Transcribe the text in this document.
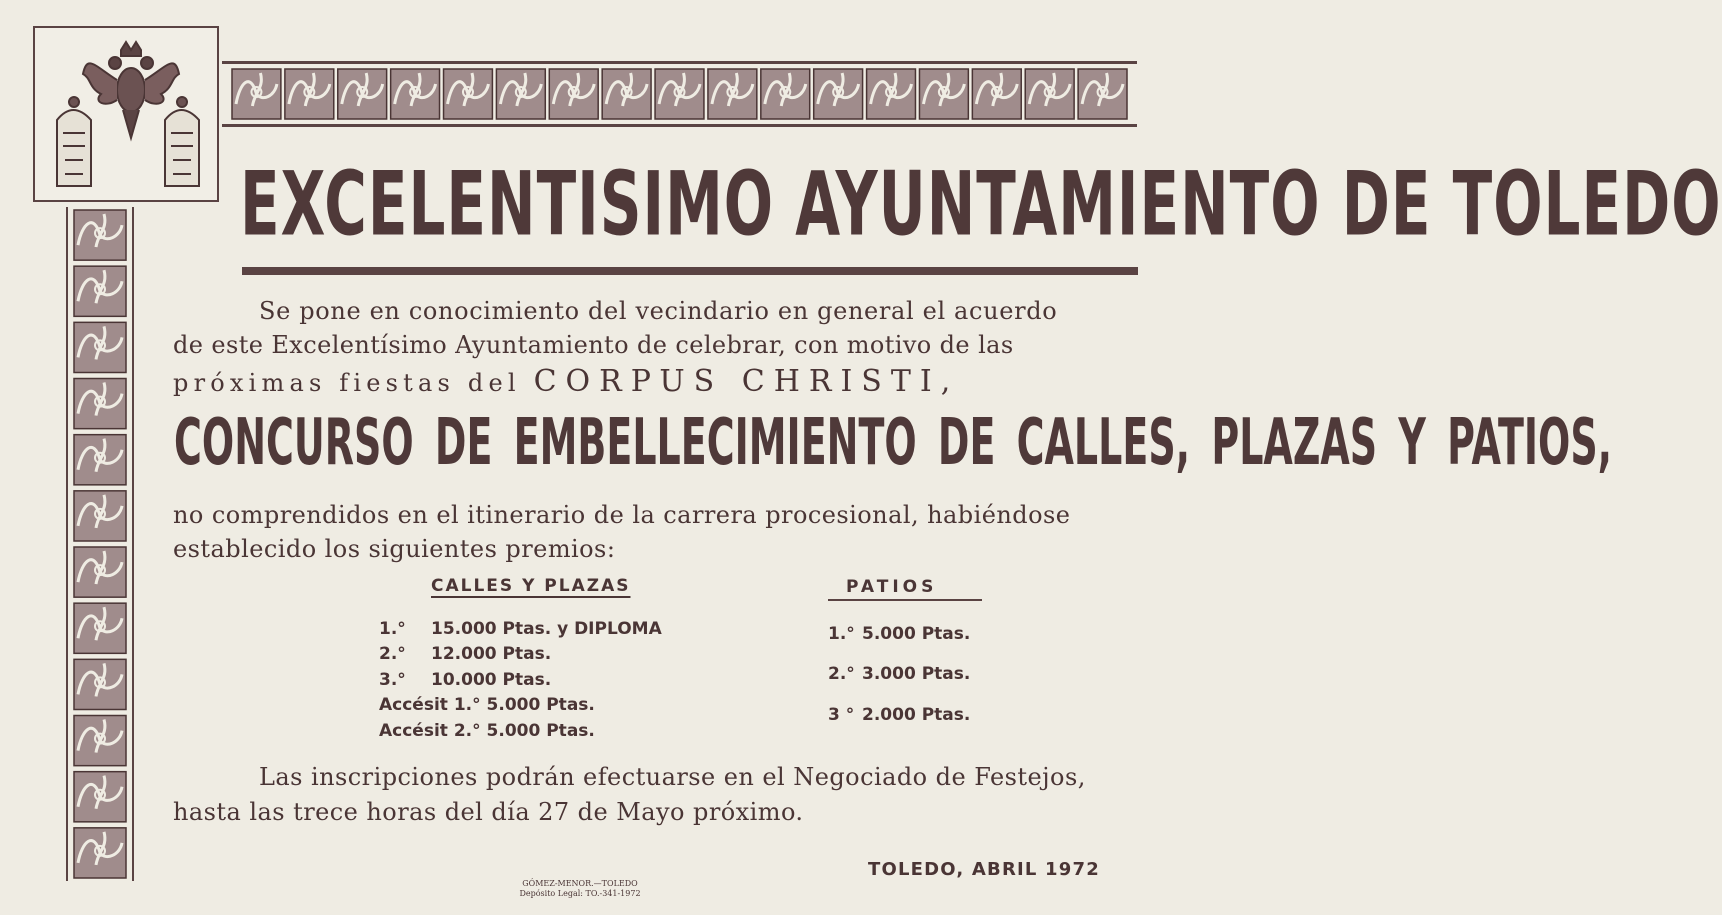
EXCELENTISIMO AYUNTAMIENTO DE TOLEDO
Se pone en conocimiento del vecindario en general el acuerdo
de este Excelentísimo Ayuntamiento de celebrar, con motivo de las
próximas fiestas del CORPUS CHRISTI,
CONCURSO DE EMBELLECIMIENTO DE CALLES, PLAZAS Y PATIOS,
no comprendidos en el itinerario de la carrera procesional, habiéndose
establecido los siguientes premios:
CALLES Y PLAZAS
1.° 15.000 Ptas. y DIPLOMA
2.° 12.000 Ptas.
3.° 10.000 Ptas.
Accésit 1.° 5.000 Ptas.
Accésit 2.° 5.000 Ptas.
PATIOS
1.° 5.000 Ptas.
2.° 3.000 Ptas.
3 ° 2.000 Ptas.
Las inscripciones podrán efectuarse en el Negociado de Festejos,
hasta las trece horas del día 27 de Mayo próximo.
TOLEDO, ABRIL 1972
GÓMEZ-MENOR.—TOLEDO
Depósito Legal: TO.-341-1972
